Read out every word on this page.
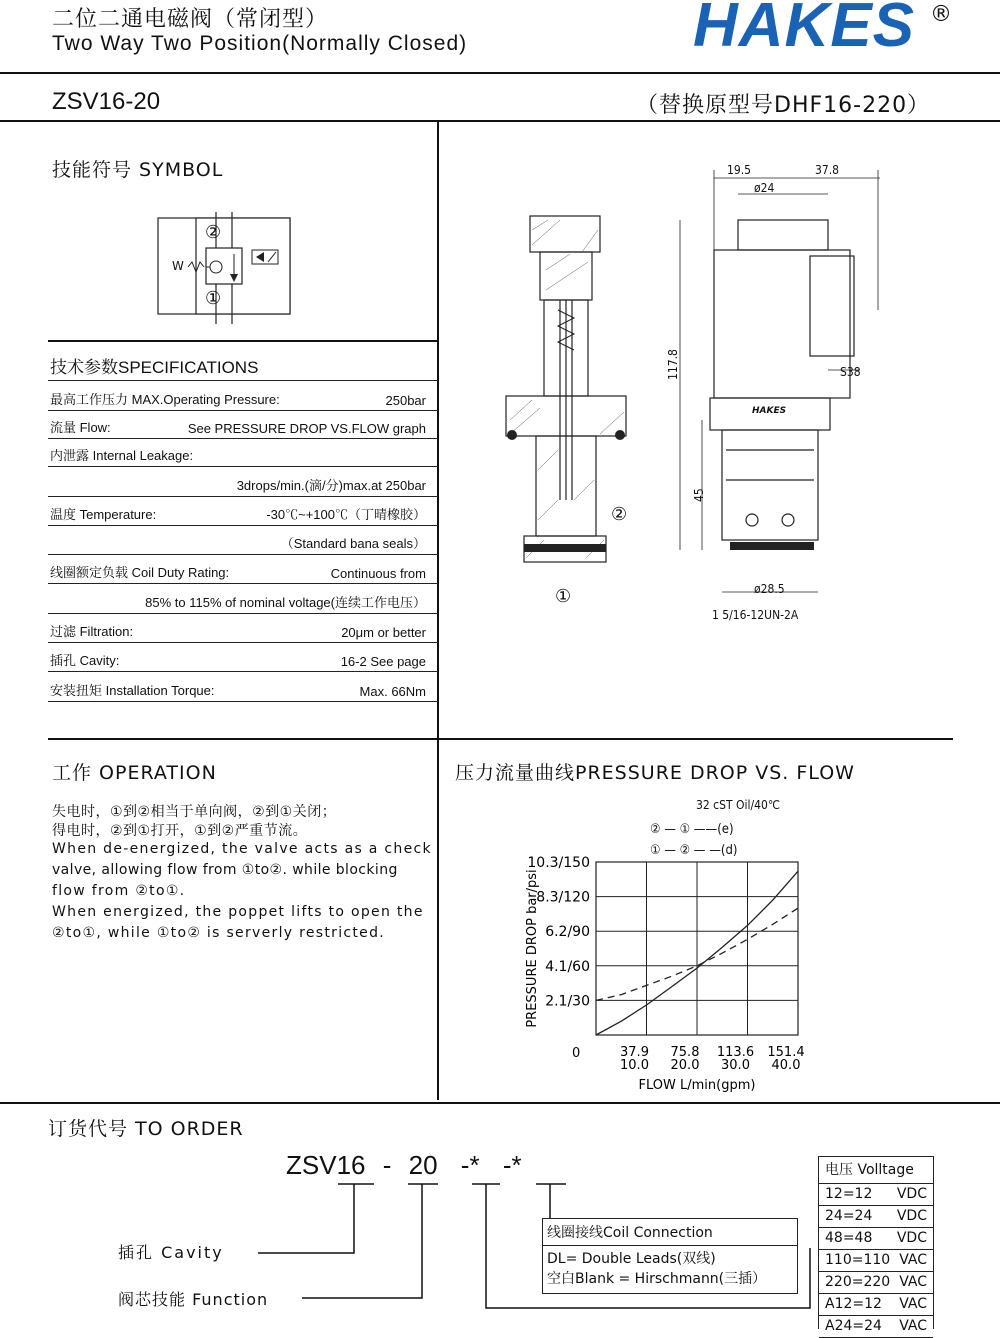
二位二通电磁阀（常闭型）
Two Way Two Position(Normally Closed)	HAKES ®
ZSV16-20	（替换原型号DHF16-220）
技能符号 SYMBOL
②
①
W
技术参数SPECIFICATIONS
最高工作压力 MAX.Operating Pressure:	250bar
流量 Flow:	See PRESSURE DROP VS.FLOW graph
内泄露 Internal Leakage:
3drops/min.(滴/分)max.at 250bar
温度 Temperature:	-30℃~+100℃（丁晴橡胶）
（Standard bana seals）
线圈额定负载 Coil Duty Rating:	Continuous from
85% to 115% of nominal voltage(连续工作电压）
过滤 Filtration:	20μm or better
插孔 Cavity:	16-2 See page
安装扭矩 Installation Torque:	Max. 66Nm
19.5	37.8
ø24
117.8	S38
45
ø28.5
1 5/16-12UN-2A
HAKES
①
②
工作 OPERATION
失电时，①到②相当于单向阀，②到①关闭；
得电时，②到①打开，①到②严重节流。
When de-energized, the valve acts as a check
valve, allowing flow from ①to②. while blocking
flow from ②to①.
When energized, the poppet lifts to open the
②to①, while ①to② is serverly restricted.
压力流量曲线PRESSURE DROP VS. FLOW
32 cST Oil/40℃
② — ① ——(e)
① — ② — —(d)
2.1/30
4.1/60
6.2/90
8.3/120
10.3/150
37.9 75.8 113.6 151.4
10.0 20.0 30.0 40.0
0
FLOW L/min(gpm)
PRESSURE DROP bar/psi
订货代号 TO ORDER
ZSV16 - 20 -* -*
插孔 Cavity
阀芯技能 Function
线圈接线Coil Connection
DL= Double Leads(双线)
空白Blank = Hirschmann(三插）
电压 Volltage
12=12 VDC
24=24 VDC
48=48 VDC
110=110 VAC
220=220 VAC
A12=12 VAC
A24=24 VAC
